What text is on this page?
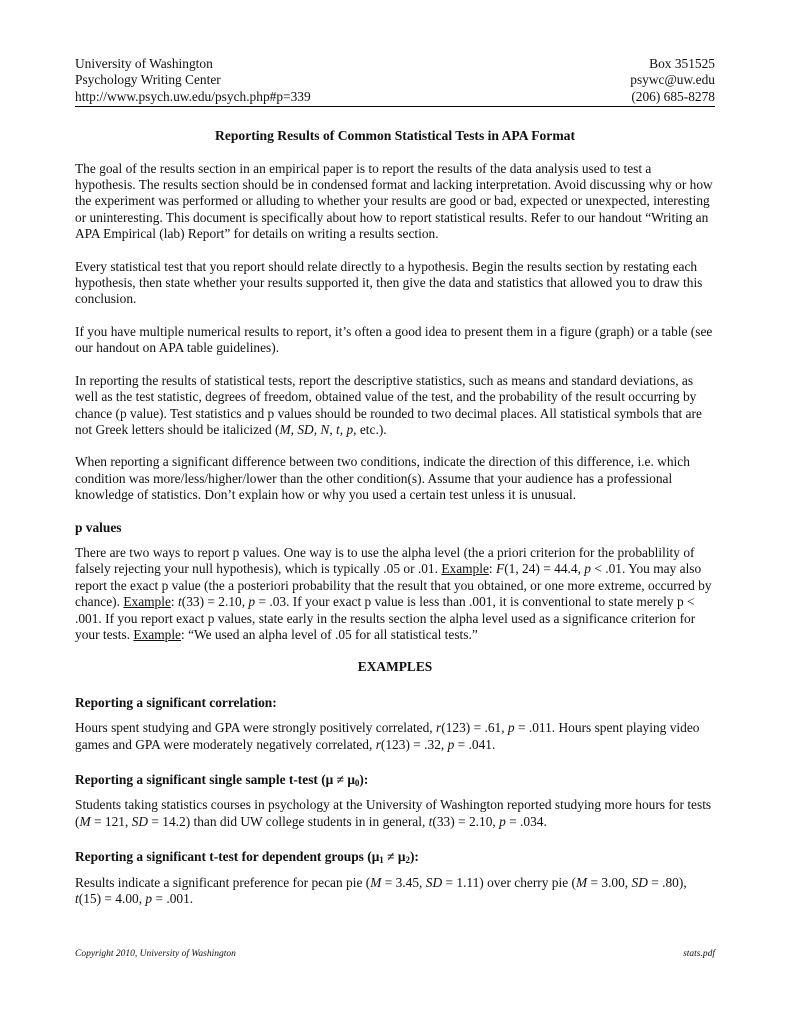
University of Washington
Psychology Writing Center
http://www.psych.uw.edu/psych.php#p=339
Box 351525
psywc@uw.edu
(206) 685-8278
Reporting Results of Common Statistical Tests in APA Format

The goal of the results section in an empirical paper is to report the results of the data analysis used to test a hypothesis. The results section should be in condensed format and lacking interpretation. Avoid discussing why or how the experiment was performed or alluding to whether your results are good or bad, expected or unexpected, interesting or uninteresting. This document is specifically about how to report statistical results. Refer to our handout “Writing an APA Empirical (lab) Report” for details on writing a results section.

Every statistical test that you report should relate directly to a hypothesis. Begin the results section by restating each hypothesis, then state whether your results supported it, then give the data and statistics that allowed you to draw this conclusion.

If you have multiple numerical results to report, it’s often a good idea to present them in a figure (graph) or a table (see our handout on APA table guidelines).

In reporting the results of statistical tests, report the descriptive statistics, such as means and standard deviations, as well as the test statistic, degrees of freedom, obtained value of the test, and the probability of the result occurring by chance (p value). Test statistics and p values should be rounded to two decimal places. All statistical symbols that are not Greek letters should be italicized (M, SD, N, t, p, etc.).

When reporting a significant difference between two conditions, indicate the direction of this difference, i.e. which condition was more/less/higher/lower than the other condition(s). Assume that your audience has a professional knowledge of statistics. Don’t explain how or why you used a certain test unless it is unusual.

p values

There are two ways to report p values. One way is to use the alpha level (the a priori criterion for the probablility of falsely rejecting your null hypothesis), which is typically .05 or .01. Example: F(1, 24) = 44.4, p < .01. You may also report the exact p value (the a posteriori probability that the result that you obtained, or one more extreme, occurred by chance). Example: t(33) = 2.10, p = .03. If your exact p value is less than .001, it is conventional to state merely p < .001. If you report exact p values, state early in the results section the alpha level used as a significance criterion for your tests. Example: “We used an alpha level of .05 for all statistical tests.”

EXAMPLES
Reporting a significant correlation:

Hours spent studying and GPA were strongly positively correlated, r(123) = .61, p = .011. Hours spent playing video games and GPA were moderately negatively correlated, r(123) = .32, p = .041.

Reporting a significant single sample t-test $(\mu \ne \mu_0)$:

Students taking statistics courses in psychology at the University of Washington reported studying more hours for tests (M = 121, SD = 14.2) than did UW college students in in general, t(33) = 2.10, p = .034.

Reporting a significant t-test for dependent groups $(\mu_1 \ne \mu_2)$:

Results indicate a significant preference for pecan pie (M = 3.45, SD = 1.11) over cherry pie (M = 3.00, SD = .80), t(15) = 4.00, p = .001.

Copyright 2010, University of Washington	stats.pdf
